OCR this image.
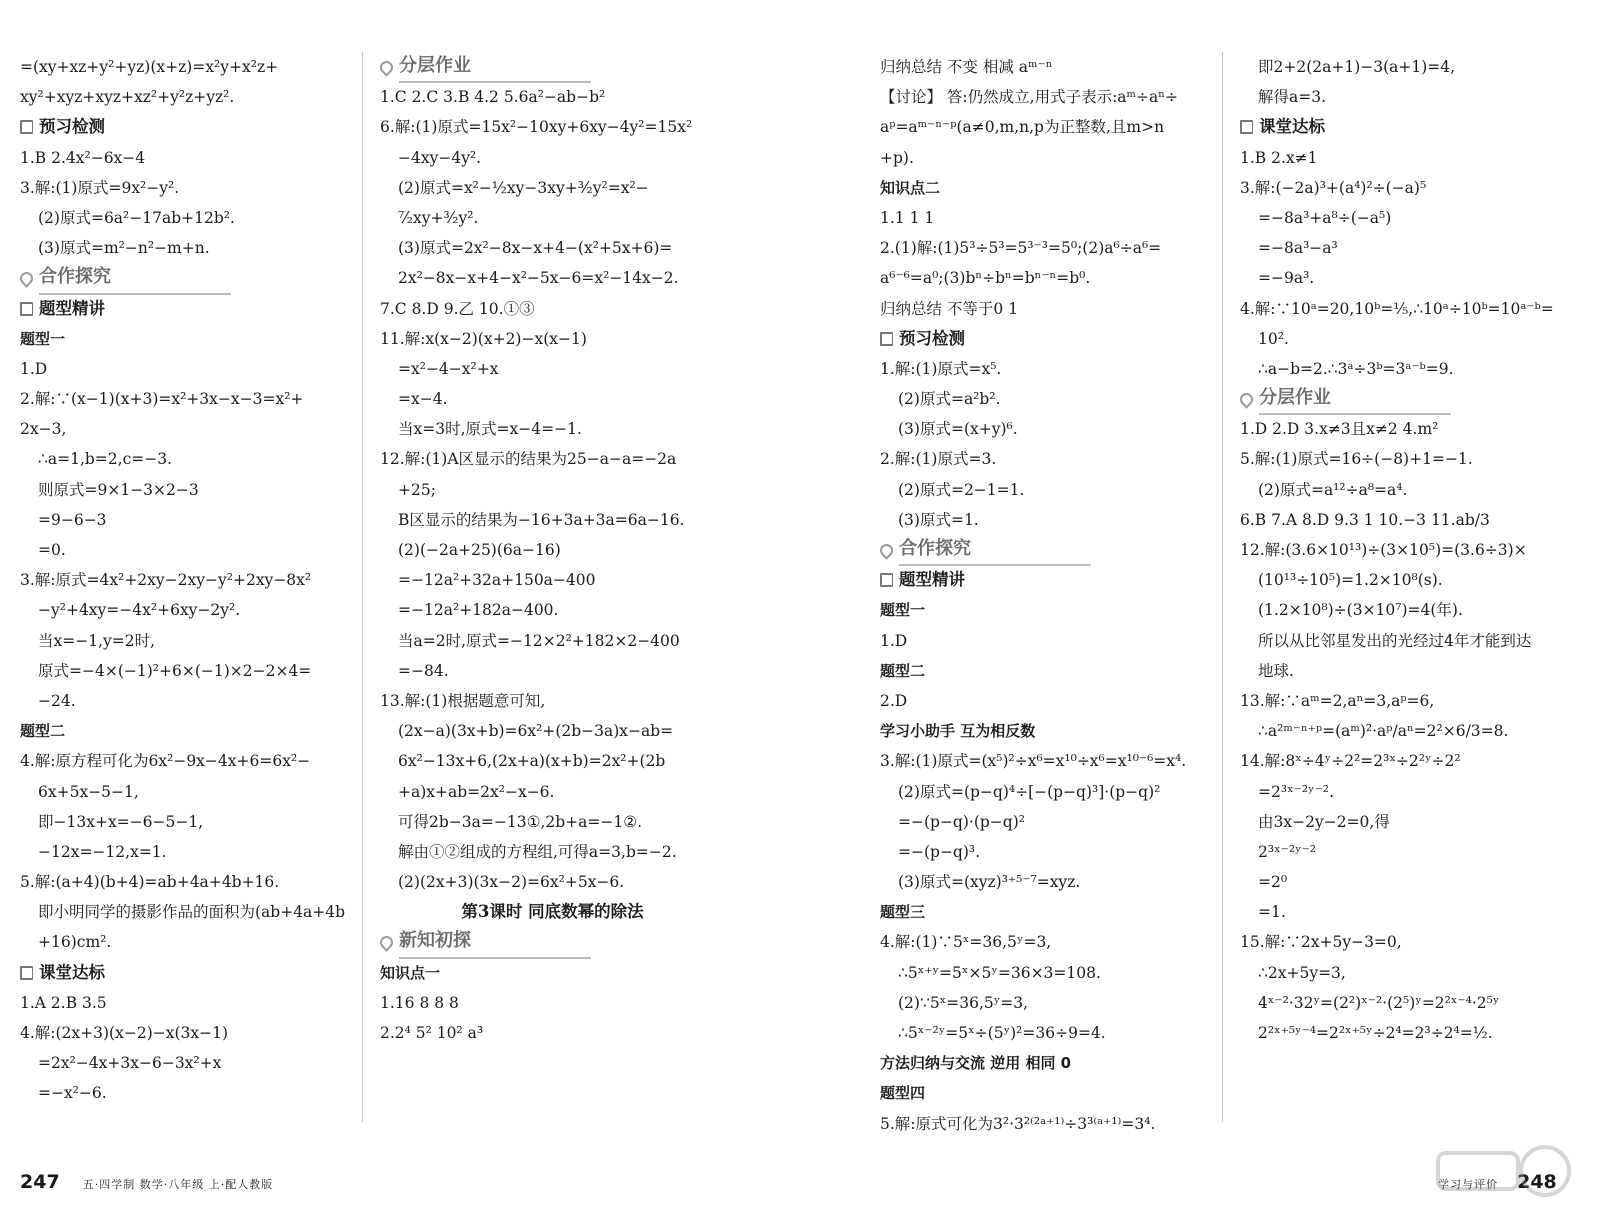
=(xy+xz+y²+yz)(x+z)=x²y+x²z+
xy²+xyz+xyz+xz²+y²z+yz².
预习检测
1.B 2.4x²−6x−4
3.解:(1)原式=9x²−y².
(2)原式=6a²−17ab+12b².
(3)原式=m²−n²−m+n.
合作探究
题型精讲
题型一
1.D
2.解:∵(x−1)(x+3)=x²+3x−x−3=x²+
2x−3,
∴a=1,b=2,c=−3.
则原式=9×1−3×2−3
=9−6−3
=0.
3.解:原式=4x²+2xy−2xy−y²+2xy−8x²
−y²+4xy=−4x²+6xy−2y².
当x=−1,y=2时,
原式=−4×(−1)²+6×(−1)×2−2×4=
−24.
题型二
4.解:原方程可化为6x²−9x−4x+6=6x²−
6x+5x−5−1,
即−13x+x=−6−5−1,
−12x=−12,x=1.
5.解:(a+4)(b+4)=ab+4a+4b+16.
即小明同学的摄影作品的面积为(ab+4a+4b
+16)cm².
课堂达标
1.A 2.B 3.5
4.解:(2x+3)(x−2)−x(3x−1)
=2x²−4x+3x−6−3x²+x
=−x²−6.
分层作业
1.C 2.C 3.B 4.2 5.6a²−ab−b²
6.解:(1)原式=15x²−10xy+6xy−4y²=15x²
−4xy−4y².
(2)原式=x²−½xy−3xy+³⁄₂y²=x²−
⁷⁄₂xy+³⁄₂y².
(3)原式=2x²−8x−x+4−(x²+5x+6)=
2x²−8x−x+4−x²−5x−6=x²−14x−2.
7.C 8.D 9.乙 10.①③
11.解:x(x−2)(x+2)−x(x−1)
=x²−4−x²+x
=x−4.
当x=3时,原式=x−4=−1.
12.解:(1)A区显示的结果为25−a−a=−2a
+25;
B区显示的结果为−16+3a+3a=6a−16.
(2)(−2a+25)(6a−16)
=−12a²+32a+150a−400
=−12a²+182a−400.
当a=2时,原式=−12×2²+182×2−400
=−84.
13.解:(1)根据题意可知,
(2x−a)(3x+b)=6x²+(2b−3a)x−ab=
6x²−13x+6,(2x+a)(x+b)=2x²+(2b
+a)x+ab=2x²−x−6.
可得2b−3a=−13①,2b+a=−1②.
解由①②组成的方程组,可得a=3,b=−2.
(2)(2x+3)(3x−2)=6x²+5x−6.
第3课时 同底数幂的除法
新知初探
知识点一
1.16 8 8 8
2.2⁴ 5² 10² a³
归纳总结 不变 相减 aᵐ⁻ⁿ
【讨论】 答:仍然成立,用式子表示:aᵐ÷aⁿ÷
aᵖ=aᵐ⁻ⁿ⁻ᵖ(a≠0,m,n,p为正整数,且m>n
+p).
知识点二
1.1 1 1
2.(1)解:(1)5³÷5³=5³⁻³=5⁰;(2)a⁶÷a⁶=
a⁶⁻⁶=a⁰;(3)bⁿ÷bⁿ=bⁿ⁻ⁿ=b⁰.
归纳总结 不等于0 1
预习检测
1.解:(1)原式=x⁵.
(2)原式=a²b².
(3)原式=(x+y)⁶.
2.解:(1)原式=3.
(2)原式=2−1=1.
(3)原式=1.
合作探究
题型精讲
题型一
1.D
题型二
2.D
学习小助手 互为相反数
3.解:(1)原式=(x⁵)²÷x⁶=x¹⁰÷x⁶=x¹⁰⁻⁶=x⁴.
(2)原式=(p−q)⁴÷[−(p−q)³]·(p−q)²
=−(p−q)·(p−q)²
=−(p−q)³.
(3)原式=(xyz)³⁺⁵⁻⁷=xyz.
题型三
4.解:(1)∵5ˣ=36,5ʸ=3,
∴5ˣ⁺ʸ=5ˣ×5ʸ=36×3=108.
(2)∵5ˣ=36,5ʸ=3,
∴5ˣ⁻²ʸ=5ˣ÷(5ʸ)²=36÷9=4.
方法归纳与交流 逆用 相同 0
题型四
5.解:原式可化为3²·3²⁽²ᵃ⁺¹⁾÷3³⁽ᵃ⁺¹⁾=3⁴.
即2+2(2a+1)−3(a+1)=4,
解得a=3.
课堂达标
1.B 2.x≠1
3.解:(−2a)³+(a⁴)²÷(−a)⁵
=−8a³+a⁸÷(−a⁵)
=−8a³−a³
=−9a³.
4.解:∵10ᵃ=20,10ᵇ=⅕,∴10ᵃ÷10ᵇ=10ᵃ⁻ᵇ=
10².
∴a−b=2.∴3ᵃ÷3ᵇ=3ᵃ⁻ᵇ=9.
分层作业
1.D 2.D 3.x≠3且x≠2 4.m²
5.解:(1)原式=16÷(−8)+1=−1.
(2)原式=a¹²÷a⁸=a⁴.
6.B 7.A 8.D 9.3 1 10.−3 11.ab/3
12.解:(3.6×10¹³)÷(3×10⁵)=(3.6÷3)×
(10¹³÷10⁵)=1.2×10⁸(s).
(1.2×10⁸)÷(3×10⁷)=4(年).
所以从比邻星发出的光经过4年才能到达
地球.
13.解:∵aᵐ=2,aⁿ=3,aᵖ=6,
∴a²ᵐ⁻ⁿ⁺ᵖ=(aᵐ)²·aᵖ/aⁿ=2²×6/3=8.
14.解:8ˣ÷4ʸ÷2²=2³ˣ÷2²ʸ÷2²
=2³ˣ⁻²ʸ⁻².
由3x−2y−2=0,得
2³ˣ⁻²ʸ⁻²
=2⁰
=1.
15.解:∵2x+5y−3=0,
∴2x+5y=3,
4ˣ⁻²·32ʸ=(2²)ˣ⁻²·(2⁵)ʸ=2²ˣ⁻⁴·2⁵ʸ
2²ˣ⁺⁵ʸ⁻⁴=2²ˣ⁺⁵ʸ÷2⁴=2³÷2⁴=½.
247 五·四学制 数学·八年级 上·配人教版	学习与评价 248
